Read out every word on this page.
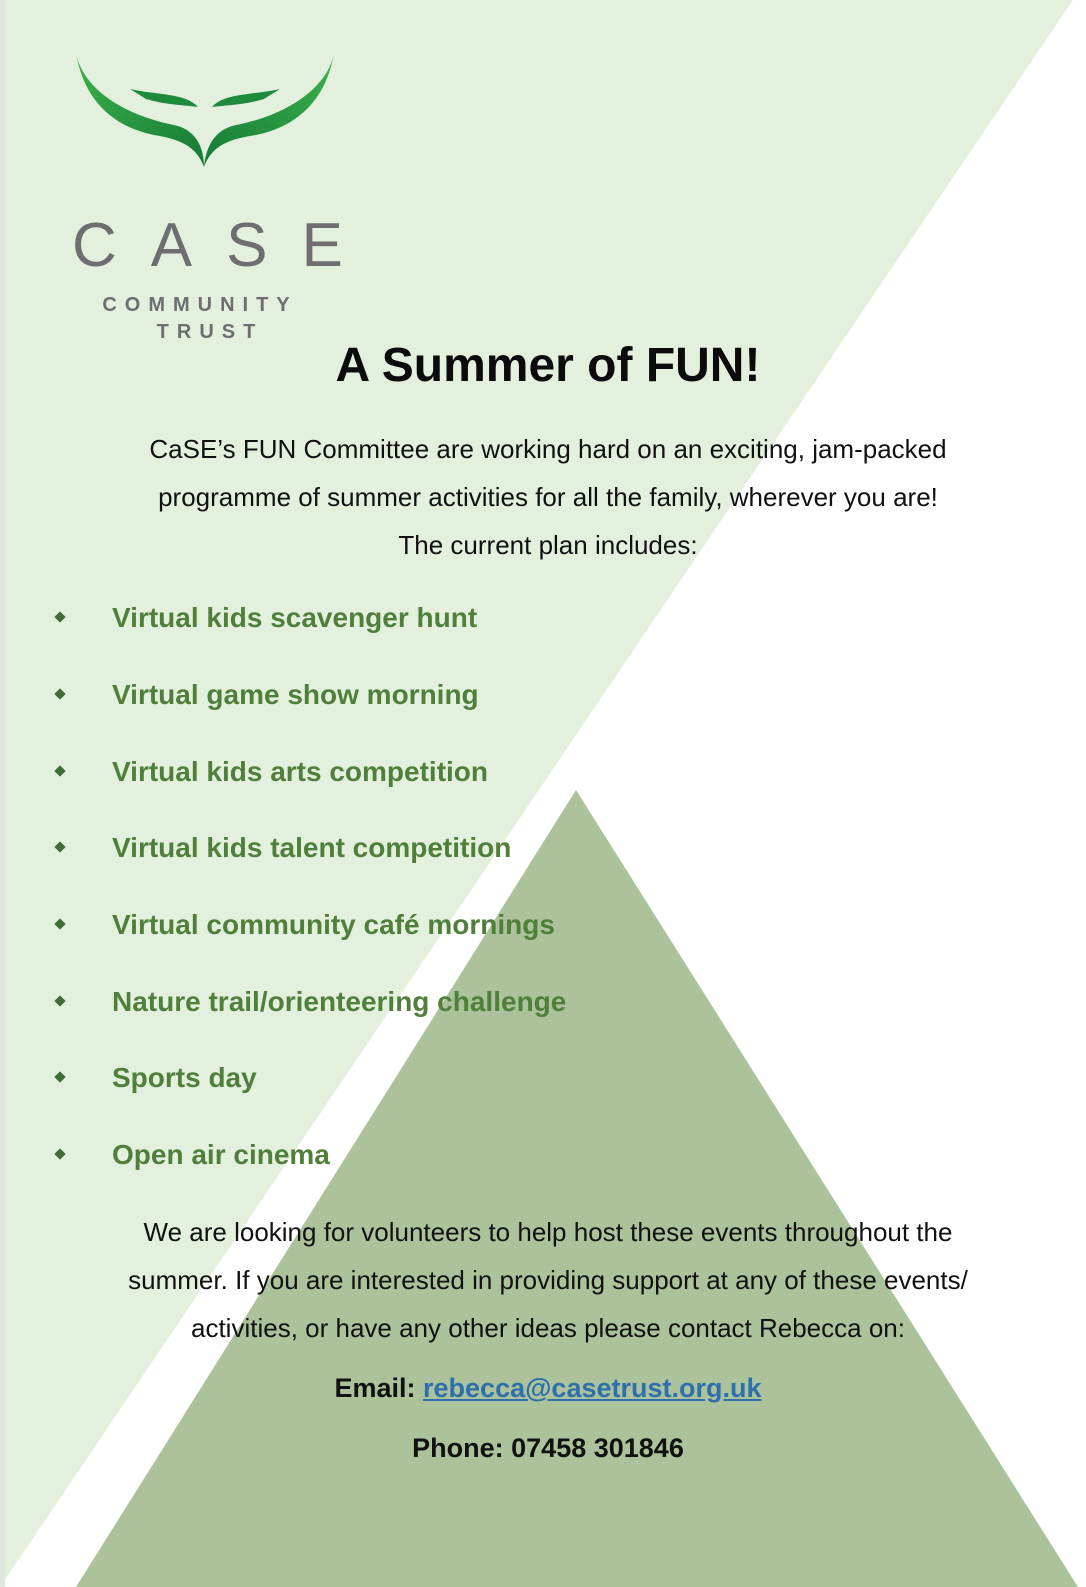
CASE
COMMUNITY
TRUST
A Summer of FUN!
CaSE’s FUN Committee are working hard on an exciting, jam-packed
programme of summer activities for all the family, wherever you are!
The current plan includes:
Virtual kids scavenger hunt
Virtual game show morning
Virtual kids arts competition
Virtual kids talent competition
Virtual community café mornings
Nature trail/orienteering challenge
Sports day
Open air cinema
We are looking for volunteers to help host these events throughout the
summer. If you are interested in providing support at any of these events/
activities, or have any other ideas please contact Rebecca on:
Email: rebecca@casetrust.org.uk
Phone: 07458 301846
